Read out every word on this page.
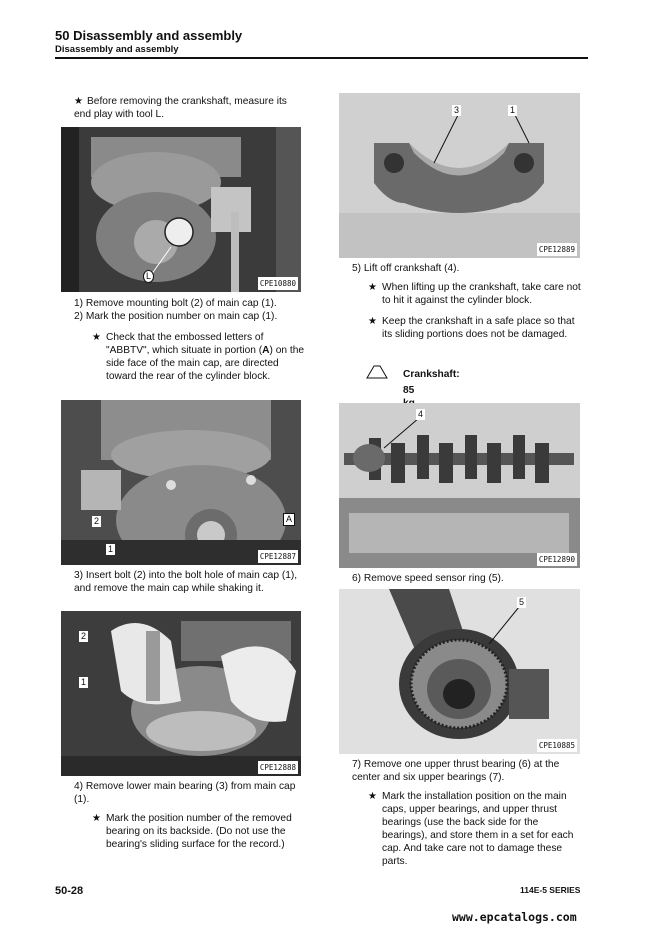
50 Disassembly and assembly
Disassembly and assembly
★ Before removing the crankshaft, measure its end play with tool L.
L
CPE10880
1) Remove mounting bolt (2) of main cap (1).
2) Mark the position number on main cap (1).
★ Check that the embossed letters of "ABBTV", which situate in portion (A) on the side face of the main cap, are directed toward the rear of the cylinder block.
2
1
A
CPE12887
3) Insert bolt (2) into the bolt hole of main cap (1), and remove the main cap while shaking it.
2
1
CPE12888
4) Remove lower main bearing (3) from main cap (1).
★ Mark the position number of the removed bearing on its backside. (Do not use the bearing's sliding surface for the record.)
3	1
CPE12889
5) Lift off crankshaft (4).
★ When lifting up the crankshaft, take care not to hit it against the cylinder block.
★ Keep the crankshaft in a safe place so that its sliding portions does not be damaged.
Crankshaft:
85
4
CPE12890
6) Remove speed sensor ring (5).
5
CPE10885
7) Remove one upper thrust bearing (6) at the center and six upper bearings (7).
★ Mark the installation position on the main caps, upper bearings, and upper thrust bearings (use the back side for the bearings), and store them in a set for each cap. And take care not to damage these parts.
50-28	114E-5 SERIES
www.epcatalogs.com
